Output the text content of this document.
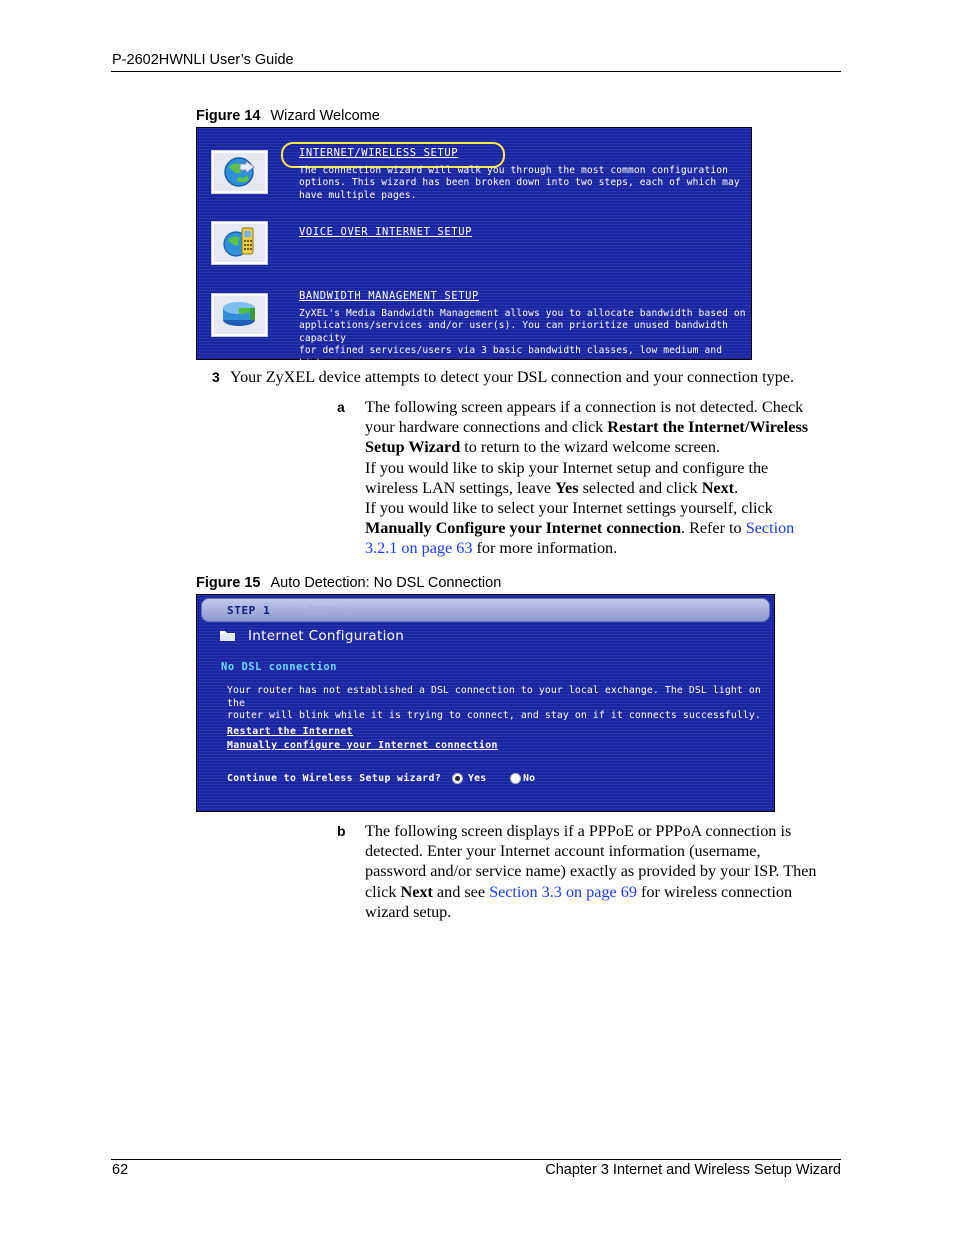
P-2602HWNLI User’s Guide
Figure 14 Wizard Welcome
INTERNET/WIRELESS SETUP
The connection wizard will walk you through the most common configuration
options. This wizard has been broken down into two steps, each of which may
have multiple pages.
VOICE OVER INTERNET SETUP
BANDWIDTH MANAGEMENT SETUP
ZyXEL's Media Bandwidth Management allows you to allocate bandwidth based on
applications/services and/or user(s). You can prioritize unused bandwidth capacity
for defined services/users via 3 basic bandwidth classes, low medium and high.
3 Your ZyXEL device attempts to detect your DSL connection and your connection type.
a The following screen appears if a connection is not detected. Check
your hardware connections and click Restart the Internet/Wireless
Setup Wizard to return to the wizard welcome screen.
If you would like to skip your Internet setup and configure the
wireless LAN settings, leave Yes selected and click Next.
If you would like to select your Internet settings yourself, click
Manually Configure your Internet connection. Refer to Section
3.2.1 on page 63 for more information.
Figure 15 Auto Detection: No DSL Connection
STEP 1 ▸ STEP 2
Internet Configuration
No DSL connection
Your router has not established a DSL connection to your local exchange. The DSL light on the
router will blink while it is trying to connect, and stay on if it connects successfully.
Restart the Internet
Manually configure your Internet connection
Continue to Wireless Setup wizard?	Yes	No
b The following screen displays if a PPPoE or PPPoA connection is
detected. Enter your Internet account information (username,
password and/or service name) exactly as provided by your ISP. Then
click Next and see Section 3.3 on page 69 for wireless connection
wizard setup.
62	Chapter 3 Internet and Wireless Setup Wizard
